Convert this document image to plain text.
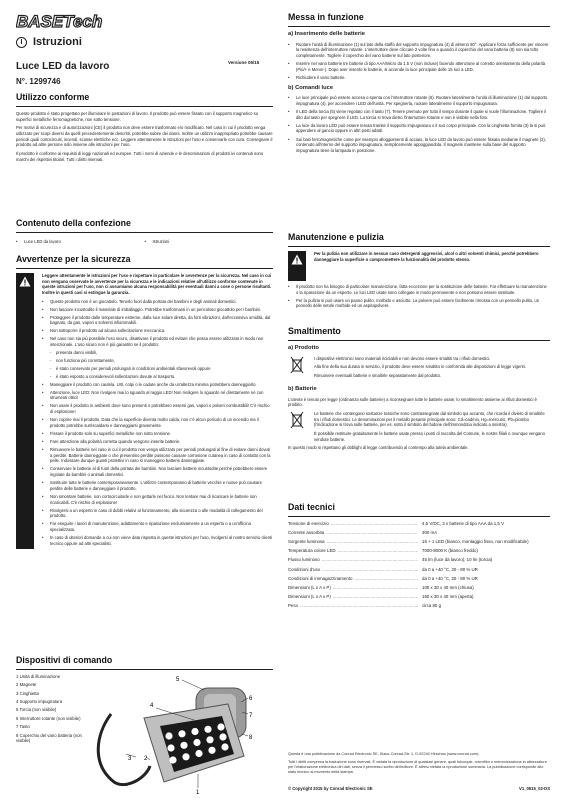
BASETech
I Istruzioni
Versione 05/15
Luce LED da lavoro
N°. 1299746
Utilizzo conforme

Questo prodotto è stato progettato per illuminare le postazioni di lavoro. Il prodotto può essere fissato con il supporto magnetico su superfici metalliche ferromagnetiche, non sotto tensione.

Per motivi di sicurezza e di autorizzazioni (CE) il prodotto non deve essere trasformato e/o modificato. Nel caso in cui il prodotto venga utilizzato per scopi diversi da quelli precedentemente descritti, potrebbe subire dei danni. Inoltre un utilizzo inappropriato potrebbe causare pericoli quali cortocircuiti, incendi, scosse elettriche ecc. Leggere attentamente le istruzioni per l'uso e conservarle con cura. Consegnare il prodotto ad altre persone solo insieme alle istruzioni per l'uso.

Il prodotto è conforme ai requisiti di leggi nazionali ed europee. Tutti i nomi di aziende e le denominazioni di prodotti ivi contenuti sono marchi dei rispettivi titolari. Tutti i diritti riservati.

Contenuto della confezione
• Luce LED da lavoro
•	Istruzioni
Avvertenze per la sicurezza

Leggere attentamente le istruzioni per l'uso e rispettare in particolare le avvertenze per la sicurezza. Nel caso in cui non vengano osservate le avvertenze per la sicurezza e le indicazioni relative all'utilizzo conforme contenute in queste istruzioni per l'uso, non ci assumiamo alcuna responsabilità per eventuali danni a cose o persone risultanti. Inoltre in questi casi si estingue la garanzia.

• Questo prodotto non è un giocattolo. Tenerlo fuori dalla portata dei bambini e degli animali domestici.
• Non lasciare incustodito il materiale di imballaggio. Potrebbe trasformarsi in un pericoloso giocattolo per i bambini.
• Proteggere il prodotto dalle temperature estreme, dalla luce solare diretta, da forti vibrazioni, dall'eccessiva umidità, dal bagnato, da gas, vapori o solventi infiammabili.
• Non sottoporre il prodotto ad alcuna sollecitazione meccanica.
• Nel caso non sia più possibile l'uso sicuro, disattivare il prodotto ed evitare che possa essere utilizzato in modo non intenzionale. L'uso sicuro non è più garantito se il prodotto:
- presenta danni visibili,
- non funziona più correttamente,
- è stato conservato per periodi prolungati in condizioni ambientali sfavorevoli oppure
- è stato esposto a considerevoli sollecitazioni dovute al trasporto.
• Maneggiare il prodotto con cautela. Urti, colpi o le cadute anche da un'altezza minima potrebbero danneggiarlo.
• Attenzione, luce LED: Non rivolgere mai lo sguardo al raggio LED! Non rivolgere lo sguardo né direttamente né con strumenti ottici!
• Non usare il prodotto in ambienti dove sono presenti o potrebbero essersi gas, vapori o polveri combustibili! C'è rischio di esplosione!
• Non coprire mai il prodotto. Data che la superficie diventa molto calda, non c'è alcun pericolo di un incendio ma il prodotto potrebbe surriscaldarsi e danneggiarsi gravemente.
• Fissare il prodotto solo su superfici metalliche non sotto tensione.
• Fare attenzione alla polarità corretta quando vengono inserite batterie.
• Rimuovere le batterie nel caso in cui il prodotto non venga utilizzato per periodi prolungati al fine di evitare danni dovuti a perdite. Batterie danneggiate o che presentino perdite possono causare corrosione cutanea in caso di contatto con la pelle. Indossare dunque guanti protettivi in caso si maneggino batterie danneggiate.
• Conservare le batterie al di fuori della portata dei bambini. Non lasciare batterie incustodite perché potrebbero essere ingoiate da bambini o animali domestici.
• Sostituire tutte le batterie contemporaneamente. L'utilizzo contemporaneo di batterie vecchie e nuove può causare perdite delle batterie e danneggiare il prodotto.
• Non smontare batterie, non cortocircuitarle e non gettarle nel fuoco. Non tentare mai di ricaricare le batterie non ricaricabili. C'è rischio di esplosione!
• Rivolgersi a un esperto in caso di dubbi relativi al funzionamento, alla sicurezza o alle modalità di collegamento del prodotto.
• Far eseguire i lavori di manutenzione, adattamento e riparazione esclusivamente a un esperto o a un'officina specializzata.
• In caso di ulteriori domande a cui non viene data risposta in queste istruzioni per l'uso, rivolgersi al nostro servizio clienti tecnico oppure ad altri specialisti.
Dispositivi di comando
1 Unità di illuminazione
2 Magnete
3 Cinghietta
4 Supporto impugnatura
5 Torcia (non visibile)
6 Interruttore rotante (non visibile)
7 Tasto
8 Coperchio del vano batteria (non visibile)
4
2
3
1
5
6
7
8
Messa in funzione
a) Inserimento delle batterie
• Ruotare l'unità di illuminazione (1) sul lato della staffa del supporto impugnatura (4) di almeno 90°. Applicare forza sufficiente per vincere la resistenza dell'interruttore rotante. L'interruttore deve cliccare 2 volte fino a quando il coperchio del vano batteria (8) non sia tolto completamente. Togliere il coperchio del vano batterie sul lato posteriore.
• Inserire nel vano batterie tre batterie di tipo AAA/Micro da 1,5 V (non incluse) facendo attenzione al corretto orientamento della polarità (Più/+ e Meno/-). Dopo aver inserito le batterie, si accende la luce principale delle 15 luci a LED.
• Richiudere il vano batterie.
b) Comandi luce
• Le luce principale può essere accesa o spenta con l'interruttore rotante (6). Ruotare lateralmente l'unità di illuminazione (1) dal supporto impugnatura (4), per accendere i LED dell'unità. Per spegnerla, ruotare lateralmente il supporto impugnatura.
• Il LED della torcia (5) viene regolato con il tasto (7). Tenere premuto per tutto il tempo durante il quale si vuole l'illuminazione. Togliere il dito dal tasto per spegnere il LED. La torcia si trova dietro l'interruttore rotante e non è visibile nella foto.
• La luce da lavoro LED può essere tenuta tramite il supporto impugnatura o il suo corpo principale. Con la cinghietta fornita (3) la si può appendere al gancio oppure in altri posti adatti.
• Sui basi ferromagnetiche come per esempio alloggiamenti di acciaio, la luce LED da lavoro può essere fissata mediante il magnete (2), contenuto all'interno del supporto impugnatura, semplicemente appoggiandola. Il magnete mantiene sulla base del supporto impugnatura tiene la lampada in posizione.
Manutenzione e pulizia

Per la pulizia non utilizzare in nessun caso detergenti aggressivi, alcol o altri solventi chimici, perché potrebbero danneggiare la superficie o compromettere la funzionalità del prodotto stesso.

• Il prodotto non ha bisogno di particolare manutenzione, fatta eccezione per la sostituzione delle batterie. Far effettuare la manutenzione o la riparazione da un esperto. Le luci LED usate sono collegate in modo permanente e non possono essere sostituite.
• Per la pulizia si può usare un panno pulito, morbido e asciutto. La polvere può essere facilmente rimossa con un pennello pulito, un pennello delle setole morbide ed un aspirapolvere.
Smaltimento
a) Prodotto

I dispositivi elettronici sono materiali riciclabili e non devono essere smaltiti tra i rifiuti domestici.

Alla fine della sua durata in servizio, il prodotto deve essere smaltito in conformità alle disposizioni di legge vigenti.

Rimuovere eventuali batterie e smaltirle separatamente dal prodotto.

b) Batterie

L'utente è tenuto per legge (ordinanza sulle batterie) a riconsegnare tutte le batterie usate; lo smaltimento assieme ai rifiuti domestici è proibito.

Le batterie che contengono sostanze tossiche sono contrassegnate dal simbolo qui accanto, che ricorda il divieto di smaltirle tra i rifiuti domestici. Le denominazioni per il metallo pesante principale sono: Cd=cadmio, Hg=mercurio, Pb=piombo (l'indicazione si trova sulle batterie, per es. sotto il simbolo del bidone dell'immondizia indicato a sinistra).

È possibile restituire gratuitamente le batterie usate presso i punti di raccolta del Comune, le nostre filiali o ovunque vengano vendute batterie.

In questo modo si rispettano gli obblighi di legge contribuendo al contempo alla tutela ambientale.

Dati tecnici
Tensione di esercizio .....	4,5 V/DC, 3 x batterie di tipo AAA da 1,5 V
Corrente assorbita .....	300 mA
Sorgente luminosa .....	15 + 1 LED (bianco, montaggio fisso, non modificabile)
Temperatura colore LED .....	7000-8000 K (bianco freddo)
Flusso luminoso .....	45 lm (luce da lavoro), 10 lm (torcia)
Condizioni d'uso .....	da 0 a +40 °C, 20 - 80 % UR
Condizioni di immagazzinamento .....	da 0 a +40 °C, 20 - 80 % UR
Dimensioni (L x A x P) .....	105 x 30 x 40 mm (chiusa)
Dimensioni (L x A x P) .....	160 x 30 x 40 mm (aperta)
Peso .....	circa 80 g

Questa è una pubblicazione da Conrad Electronic SE, Klaus-Conrad-Str. 1, D-92240 Hirschau (www.conrad.com).

Tutti i diritti compresa la traduzione sono riservati. È vietata la riproduzione di qualsiasi genere, quali fotocopie, microfilm o memorizzazione in attrezzature per l'elaborazione elettronica dei dati, senza il permesso scritto dell'editore. È altresì vietata la riproduzione sommaria. La pubblicazione corrisponde allo stato tecnico al momento della stampa.

© Copyright 2015 by Conrad Electronic SE	V1_0515_02-DS
